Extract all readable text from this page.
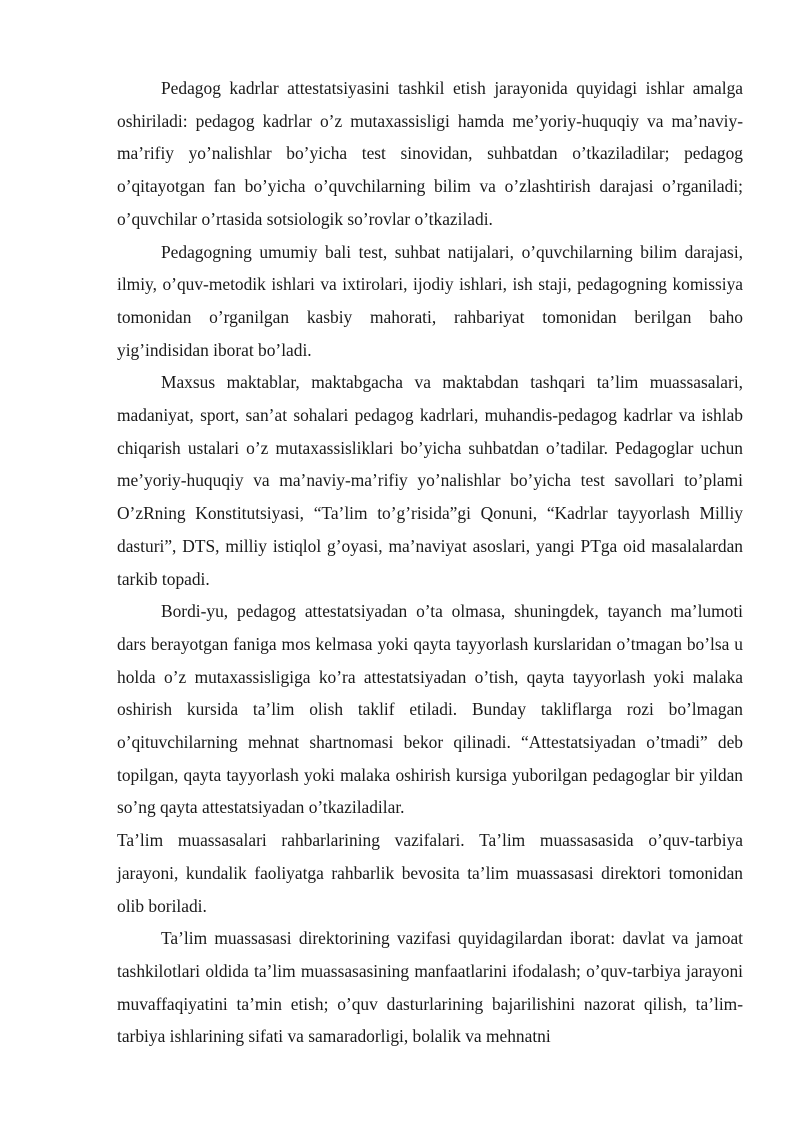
Pedagog kadrlar attestatsiyasini tashkil etish jarayonida quyidagi ishlar amalga oshiriladi: pedagog kadrlar o’z mutaxassisligi hamda me’yoriy-huquqiy va ma’naviy-ma’rifiy yo’nalishlar bo’yicha test sinovidan, suhbatdan o’tkaziladilar; pedagog o’qitayotgan fan bo’yicha o’quvchilarning bilim va o’zlashtirish darajasi o’rganiladi; o’quvchilar o’rtasida sotsiologik so’rovlar o’tkaziladi.

Pedagogning umumiy bali test, suhbat natijalari, o’quvchilarning bilim darajasi, ilmiy, o’quv-metodik ishlari va ixtirolari, ijodiy ishlari, ish staji, pedagogning komissiya tomonidan o’rganilgan kasbiy mahorati, rahbariyat tomonidan berilgan baho yig’indisidan iborat bo’ladi.

Maxsus maktablar, maktabgacha va maktabdan tashqari ta’lim muassasalari, madaniyat, sport, san’at sohalari pedagog kadrlari, muhandis-pedagog kadrlar va ishlab chiqarish ustalari o’z mutaxassisliklari bo’yicha suhbatdan o’tadilar. Pedagoglar uchun me’yoriy-huquqiy va ma’naviy-ma’rifiy yo’nalishlar bo’yicha test savollari to’plami O’zRning Konstitutsiyasi, “Ta’lim to’g’risida”gi Qonuni, “Kadrlar tayyorlash Milliy dasturi”, DTS, milliy istiqlol g’oyasi, ma’naviyat asoslari, yangi PTga oid masalalardan tarkib topadi.

Bordi-yu, pedagog attestatsiyadan o’ta olmasa, shuningdek, tayanch ma’lumoti dars berayotgan faniga mos kelmasa yoki qayta tayyorlash kurslaridan o’tmagan bo’lsa u holda o’z mutaxassisligiga ko’ra attestatsiyadan o’tish, qayta tayyorlash yoki malaka oshirish kursida ta’lim olish taklif etiladi. Bunday takliflarga rozi bo’lmagan o’qituvchilarning mehnat shartnomasi bekor qilinadi. “Attestatsiyadan o’tmadi” deb topilgan, qayta tayyorlash yoki malaka oshirish kursiga yuborilgan pedagoglar bir yildan so’ng qayta attestatsiyadan o’tkaziladilar.

Ta’lim muassasalari rahbarlarining vazifalari. Ta’lim muassasasida o’quv-tarbiya jarayoni, kundalik faoliyatga rahbarlik bevosita ta’lim muassasasi direktori tomonidan olib boriladi.

Ta’lim muassasasi direktorining vazifasi quyidagilardan iborat: davlat va jamoat tashkilotlari oldida ta’lim muassasasining manfaatlarini ifodalash; o’quv-tarbiya jarayoni muvaffaqiyatini ta’min etish; o’quv dasturlarining bajarilishini nazorat qilish, ta’lim-tarbiya ishlarining sifati va samaradorligi, bolalik va mehnatni
